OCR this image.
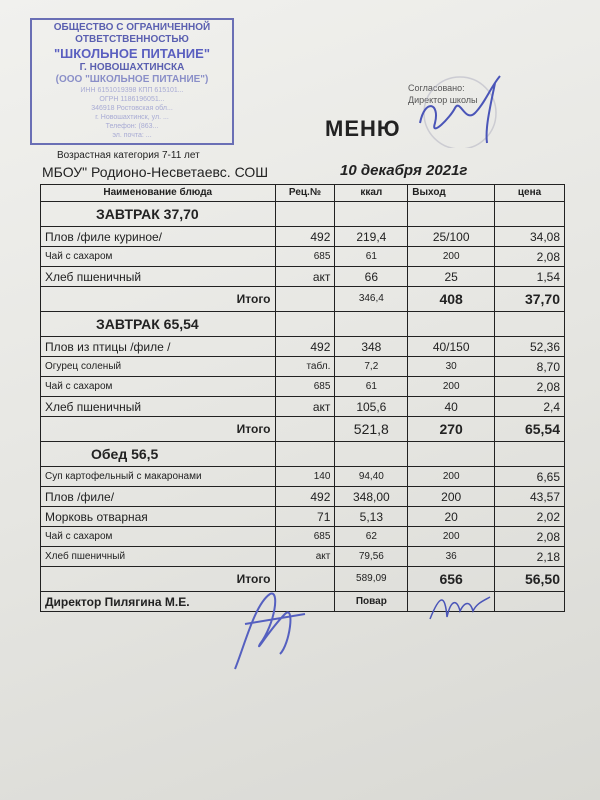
ОБЩЕСТВО С ОГРАНИЧЕННОЙ
ОТВЕТСТВЕННОСТЬЮ
"ШКОЛЬНОЕ ПИТАНИЕ"
Г. НОВОШАХТИНСКА
(ООО "ШКОЛЬНОЕ ПИТАНИЕ")
ИНН 6151019398 КПП 615101...
ОГРН 1186196051...
346918 Ростовская обл...
г. Новошахтинск, ул. ...
Телефон: (863...
эл. почта: ...
Возрастная категория 7-11 лет
МБОУ" Родионо-Несветаевс. СОШ
Согласовано:
Директор школы
МЕНЮ
10 декабря 2021г
Наименование блюда	Рец.№	ккал	Выход	цена
ЗАВТРАК 37,70				
Плов /филе куриное/	492	219,4	25/100	34,08
Чай с сахаром	685	61	200	2,08
Хлеб пшеничный	акт	66	25	1,54
Итого		346,4	408	37,70
ЗАВТРАК 65,54				
Плов из птицы /филе /	492	348	40/150	52,36
Огурец соленый	табл.	7,2	30	8,70
Чай с сахаром	685	61	200	2,08
Хлеб пшеничный	акт	105,6	40	2,4
Итого		521,8	270	65,54
Обед 56,5				
Суп картофельный с макаронами	140	94,40	200	6,65
Плов /филе/	492	348,00	200	43,57
Морковь отварная	71	5,13	20	2,02
Чай с сахаром	685	62	200	2,08
Хлеб пшеничный	акт	79,56	36	2,18
Итого		589,09	656	56,50
Директор Пилягина М.Е.		Повар		
